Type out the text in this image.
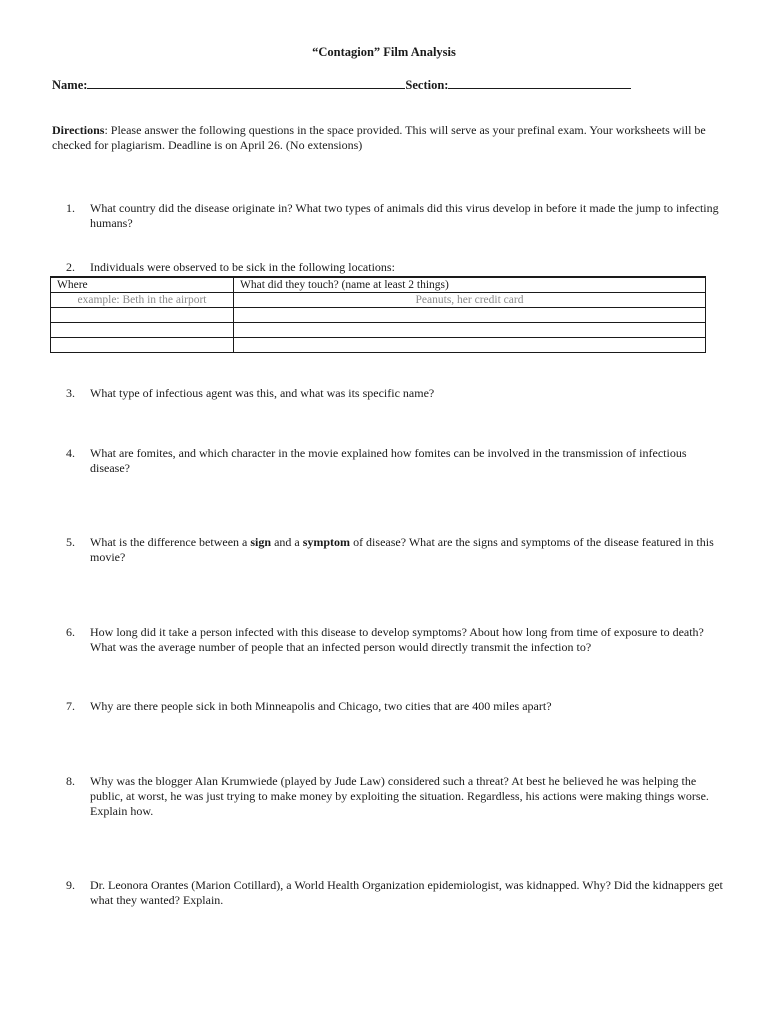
“Contagion” Film Analysis
Name:	Section:
Directions: Please answer the following questions in the space provided. This will serve as your prefinal exam. Your worksheets will be checked for plagiarism. Deadline is on April 26. (No extensions)
1.	What country did the disease originate in? What two types of animals did this virus develop in before it made the jump to infecting humans?
2.	Individuals were observed to be sick in the following locations:
Where	What did they touch? (name at least 2 things)
example: Beth in the airport	Peanuts, her credit card

3.	What type of infectious agent was this, and what was its specific name?
4.	What are fomites, and which character in the movie explained how fomites can be involved in the transmission of infectious disease?
5.	What is the difference between a sign and a symptom of disease? What are the signs and symptoms of the disease featured in this movie?
6.	How long did it take a person infected with this disease to develop symptoms? About how long from time of exposure to death? What was the average number of people that an infected person would directly transmit the infection to?
7.	Why are there people sick in both Minneapolis and Chicago, two cities that are 400 miles apart?
8.	Why was the blogger Alan Krumwiede (played by Jude Law) considered such a threat? At best he believed he was helping the public, at worst, he was just trying to make money by exploiting the situation. Regardless, his actions were making things worse. Explain how.
9.	Dr. Leonora Orantes (Marion Cotillard), a World Health Organization epidemiologist, was kidnapped. Why? Did the kidnappers get what they wanted? Explain.
